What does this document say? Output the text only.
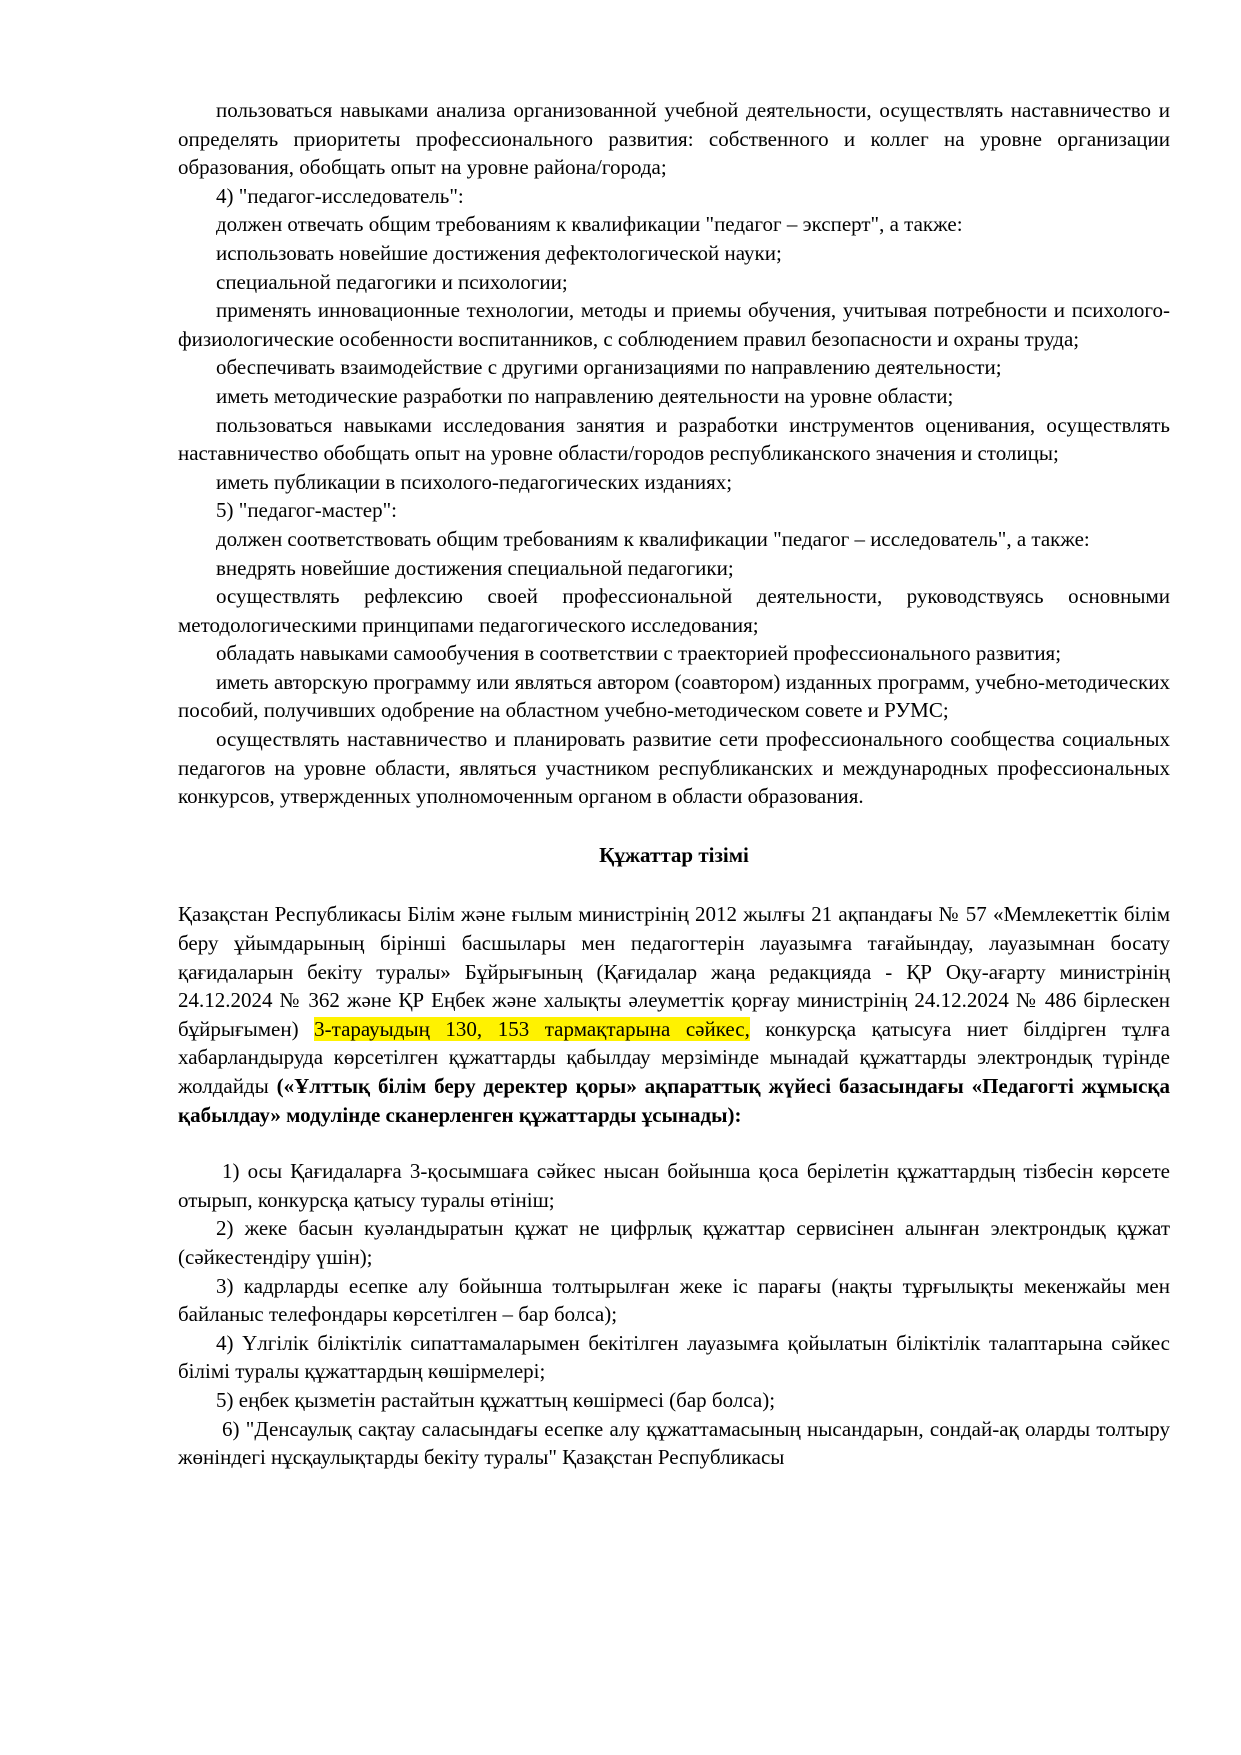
пользоваться навыками анализа организованной учебной деятельности, осуществлять наставничество и определять приоритеты профессионального развития: собственного и коллег на уровне организации образования, обобщать опыт на уровне района/города;

4) "педагог-исследователь":

должен отвечать общим требованиям к квалификации "педагог – эксперт", а также:

использовать новейшие достижения дефектологической науки;

специальной педагогики и психологии;

применять инновационные технологии, методы и приемы обучения, учитывая потребности и психолого-физиологические особенности воспитанников, с соблюдением правил безопасности и охраны труда;

обеспечивать взаимодействие с другими организациями по направлению деятельности;

иметь методические разработки по направлению деятельности на уровне области;

пользоваться навыками исследования занятия и разработки инструментов оценивания, осуществлять наставничество обобщать опыт на уровне области/городов республиканского значения и столицы;

иметь публикации в психолого-педагогических изданиях;

5) "педагог-мастер":

должен соответствовать общим требованиям к квалификации "педагог – исследователь", а также:

внедрять новейшие достижения специальной педагогики;

осуществлять рефлексию своей профессиональной деятельности, руководствуясь основными методологическими принципами педагогического исследования;

обладать навыками самообучения в соответствии с траекторией профессионального развития;

иметь авторскую программу или являться автором (соавтором) изданных программ, учебно-методических пособий, получивших одобрение на областном учебно-методическом совете и РУМС;

осуществлять наставничество и планировать развитие сети профессионального сообщества социальных педагогов на уровне области, являться участником республиканских и международных профессиональных конкурсов, утвержденных уполномоченным органом в области образования.

Құжаттар тізімі

Қазақстан Республикасы Білім және ғылым министрінің 2012 жылғы 21 ақпандағы № 57 «Мемлекеттік білім беру ұйымдарының бірінші басшылары мен педагогтерін лауазымға тағайындау, лауазымнан босату қағидаларын бекіту туралы» Бұйрығының (Қағидалар жаңа редакцияда - ҚР Оқу-ағарту министрінің 24.12.2024 № 362 және ҚР Еңбек және халықты әлеуметтік қорғау министрінің 24.12.2024 № 486 бірлескен бұйрығымен) 3-тарауыдың 130, 153 тармақтарына сәйкес, конкурсқа қатысуға ниет білдірген тұлға хабарландыруда көрсетілген құжаттарды қабылдау мерзімінде мынадай құжаттарды электрондық түрінде жолдайды («Ұлттық білім беру деректер қоры» ақпараттық жүйесі базасындағы «Педагогті жұмысқа қабылдау» модулінде сканерленген құжаттарды ұсынады):

1) осы Қағидаларға 3-қосымшаға сәйкес нысан бойынша қоса берілетін құжаттардың тізбесін көрсете отырып, конкурсқа қатысу туралы өтініш;

2) жеке басын куәландыратын құжат не цифрлық құжаттар сервисінен алынған электрондық құжат (сәйкестендіру үшін);

3) кадрларды есепке алу бойынша толтырылған жеке іс парағы (нақты тұрғылықты мекенжайы мен байланыс телефондары көрсетілген – бар болса);

4) Үлгілік біліктілік сипаттамаларымен бекітілген лауазымға қойылатын біліктілік талаптарына сәйкес білімі туралы құжаттардың көшірмелері;

5) еңбек қызметін растайтын құжаттың көшірмесі (бар болса);

6) "Денсаулық сақтау саласындағы есепке алу құжаттамасының нысандарын, сондай-ақ оларды толтыру жөніндегі нұсқаулықтарды бекіту туралы" Қазақстан Республикасы
